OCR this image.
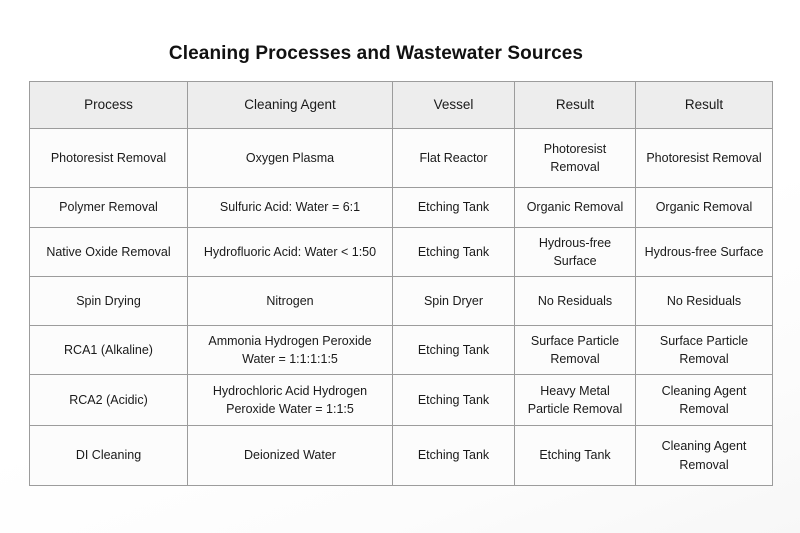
Cleaning Processes and Wastewater Sources
Process	Cleaning Agent	Vessel	Result	Result
Photoresist Removal	Oxygen Plasma	Flat Reactor	Photoresist Removal	Photoresist Removal
Polymer Removal	Sulfuric Acid: Water = 6:1	Etching Tank	Organic Removal	Organic Removal
Native Oxide Removal	Hydrofluoric Acid: Water < 1:50	Etching Tank	Hydrous-free Surface	Hydrous-free Surface
Spin Drying	Nitrogen	Spin Dryer	No Residuals	No Residuals
RCA1 (Alkaline)	Ammonia Hydrogen Peroxide Water = 1:1:1:1:5	Etching Tank	Surface Particle Removal	Surface Particle Removal
RCA2 (Acidic)	Hydrochloric Acid Hydrogen Peroxide Water = 1:1:5	Etching Tank	Heavy Metal Particle Removal	Cleaning Agent Removal
DI Cleaning	Deionized Water	Etching Tank	Etching Tank	Cleaning Agent Removal
